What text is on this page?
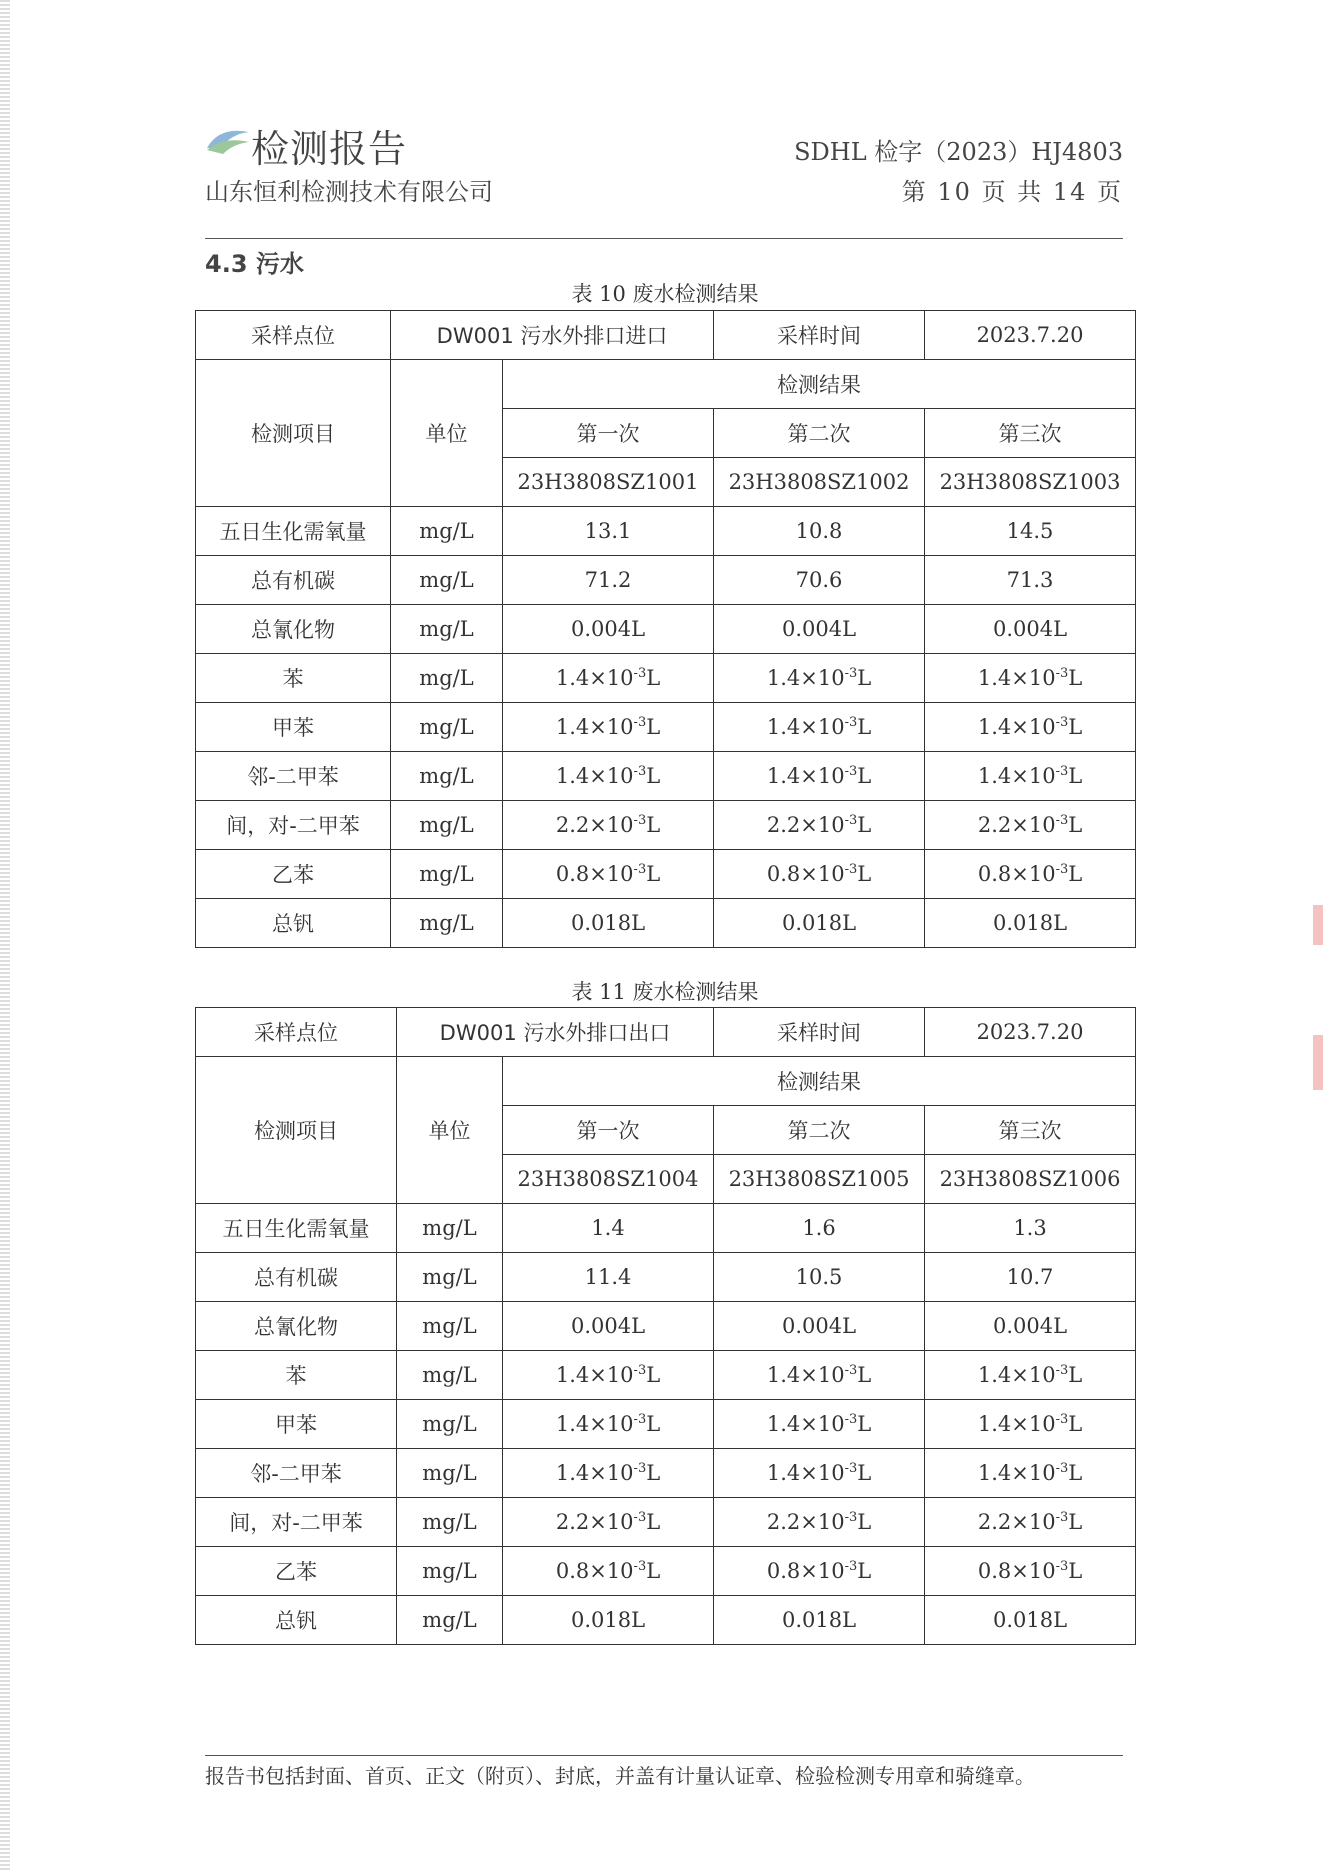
检测报告
山东恒利检测技术有限公司
SDHL 检字（2023）HJ4803
第 10 页 共 14 页
4.3 污水
表 10 废水检测结果
采样点位	DW001 污水外排口进口		采样时间	2023.7.20
检测项目	单位	检测结果		
		第一次	第二次	第三次
		23H3808SZ1001	23H3808SZ1002	23H3808SZ1003
五日生化需氧量	mg/L	13.1	10.8	14.5
总有机碳	mg/L	71.2	70.6	71.3
总氰化物	mg/L	0.004L	0.004L	0.004L
苯	mg/L	$1.4\times 10^{-3}L$	$1.4\times 10^{-3}L$	$1.4\times 10^{-3}L$
甲苯	mg/L	$1.4\times 10^{-3}L$	$1.4\times 10^{-3}L$	$1.4\times 10^{-3}L$
邻-二甲苯	mg/L	$1.4\times 10^{-3}L$	$1.4\times 10^{-3}L$	$1.4\times 10^{-3}L$
间，对-二甲苯	mg/L	$2.2\times 10^{-3}L$	$2.2\times 10^{-3}L$	$2.2\times 10^{-3}L$
乙苯	mg/L	$0.8\times 10^{-3}L$	$0.8\times 10^{-3}L$	$0.8\times 10^{-3}L$
总钒	mg/L	0.018L	0.018L	0.018L
表 11 废水检测结果
采样点位	DW001 污水外排口出口		采样时间	2023.7.20
检测项目	单位	检测结果		
		第一次	第二次	第三次
		23H3808SZ1004	23H3808SZ1005	23H3808SZ1006
五日生化需氧量	mg/L	1.4	1.6	1.3
总有机碳	mg/L	11.4	10.5	10.7
总氰化物	mg/L	0.004L	0.004L	0.004L
苯	mg/L	$1.4\times 10^{-3}L$	$1.4\times 10^{-3}L$	$1.4\times 10^{-3}L$
甲苯	mg/L	$1.4\times 10^{-3}L$	$1.4\times 10^{-3}L$	$1.4\times 10^{-3}L$
邻-二甲苯	mg/L	$1.4\times 10^{-3}L$	$1.4\times 10^{-3}L$	$1.4\times 10^{-3}L$
间，对-二甲苯	mg/L	$2.2\times 10^{-3}L$	$2.2\times 10^{-3}L$	$2.2\times 10^{-3}L$
乙苯	mg/L	$0.8\times 10^{-3}L$	$0.8\times 10^{-3}L$	$0.8\times 10^{-3}L$
总钒	mg/L	0.018L	0.018L	0.018L
报告书包括封面、首页、正文（附页）、封底，并盖有计量认证章、检验检测专用章和骑缝章。
